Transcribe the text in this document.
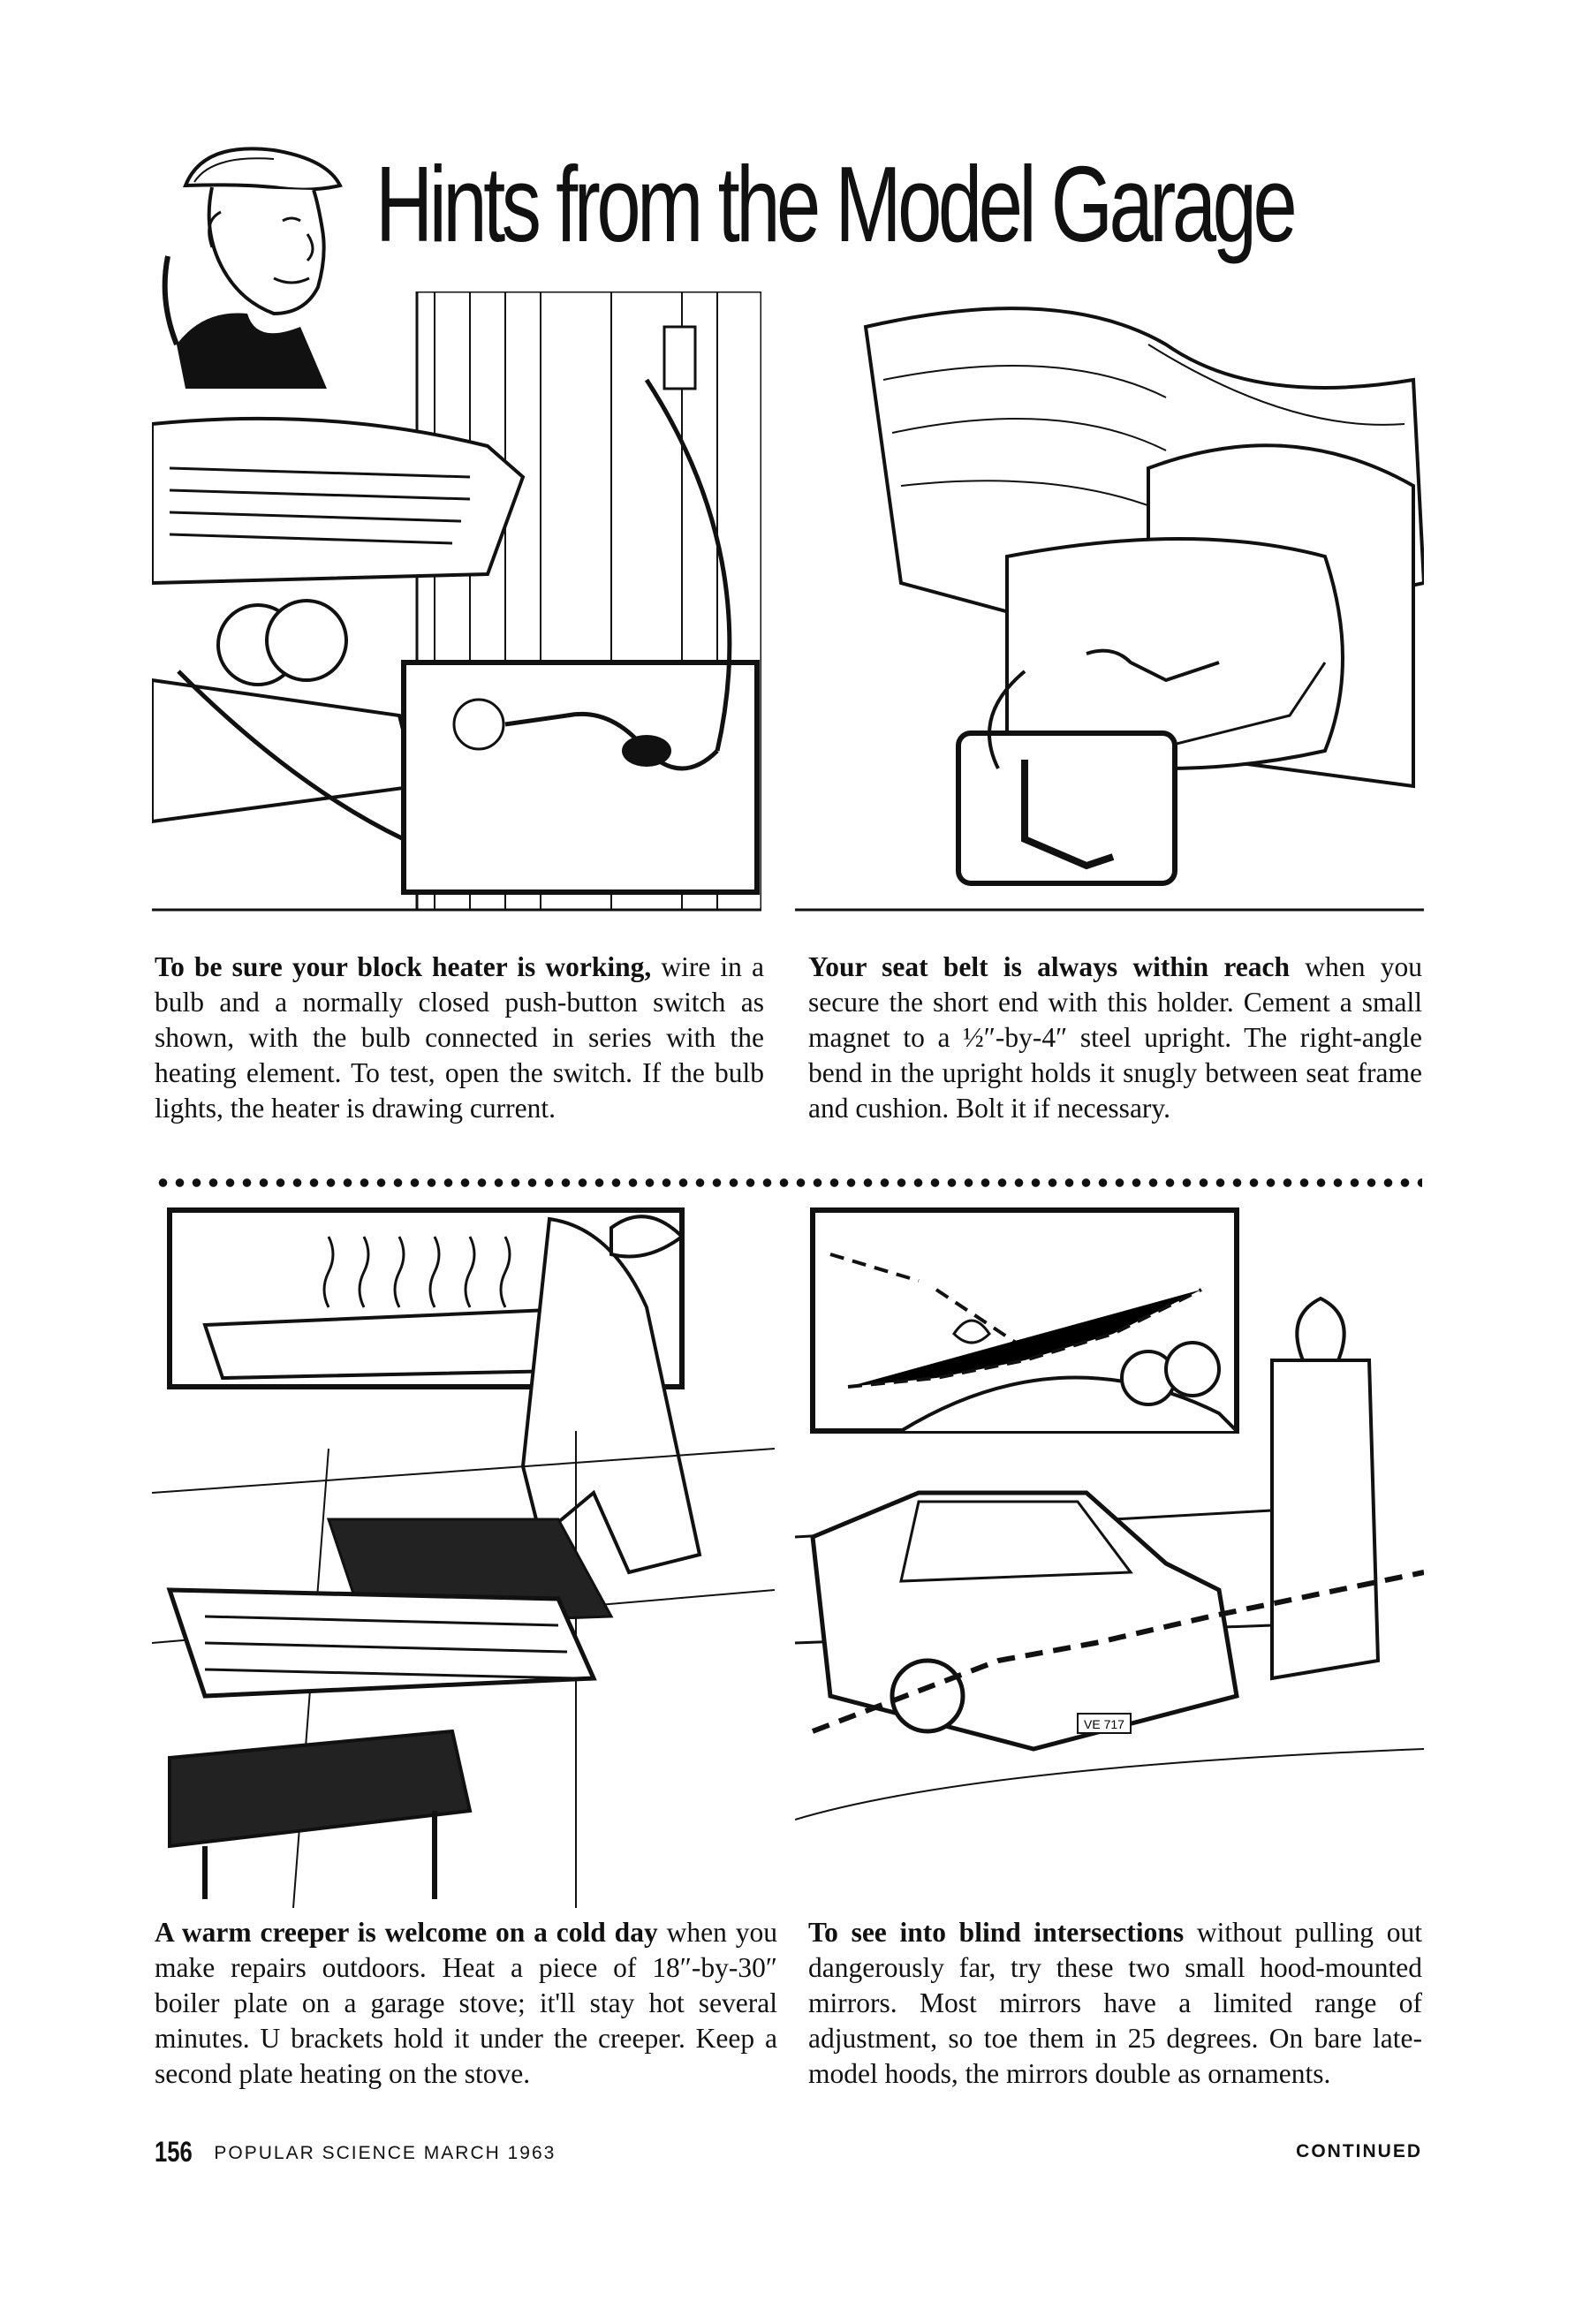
Hints from the Model Garage

To be sure your block heater is working, wire in a bulb and a normally closed push-button switch as shown, with the bulb connected in series with the heating element. To test, open the switch. If the bulb lights, the heater is drawing current.

Your seat belt is always within reach when you secure the short end with this holder. Cement a small magnet to a ½″-by-4″ steel upright. The right-angle bend in the upright holds it snugly between seat frame and cushion. Bolt it if necessary.

VE 717

A warm creeper is welcome on a cold day when you make repairs outdoors. Heat a piece of 18″-by-30″ boiler plate on a garage stove; it'll stay hot several minutes. U brackets hold it under the creeper. Keep a second plate heating on the stove.

To see into blind intersections without pulling out dangerously far, try these two small hood-mounted mirrors. Most mirrors have a limited range of adjustment, so toe them in 25 degrees. On bare late-model hoods, the mirrors double as ornaments.

156 POPULAR SCIENCE MARCH 1963	CONTINUED
